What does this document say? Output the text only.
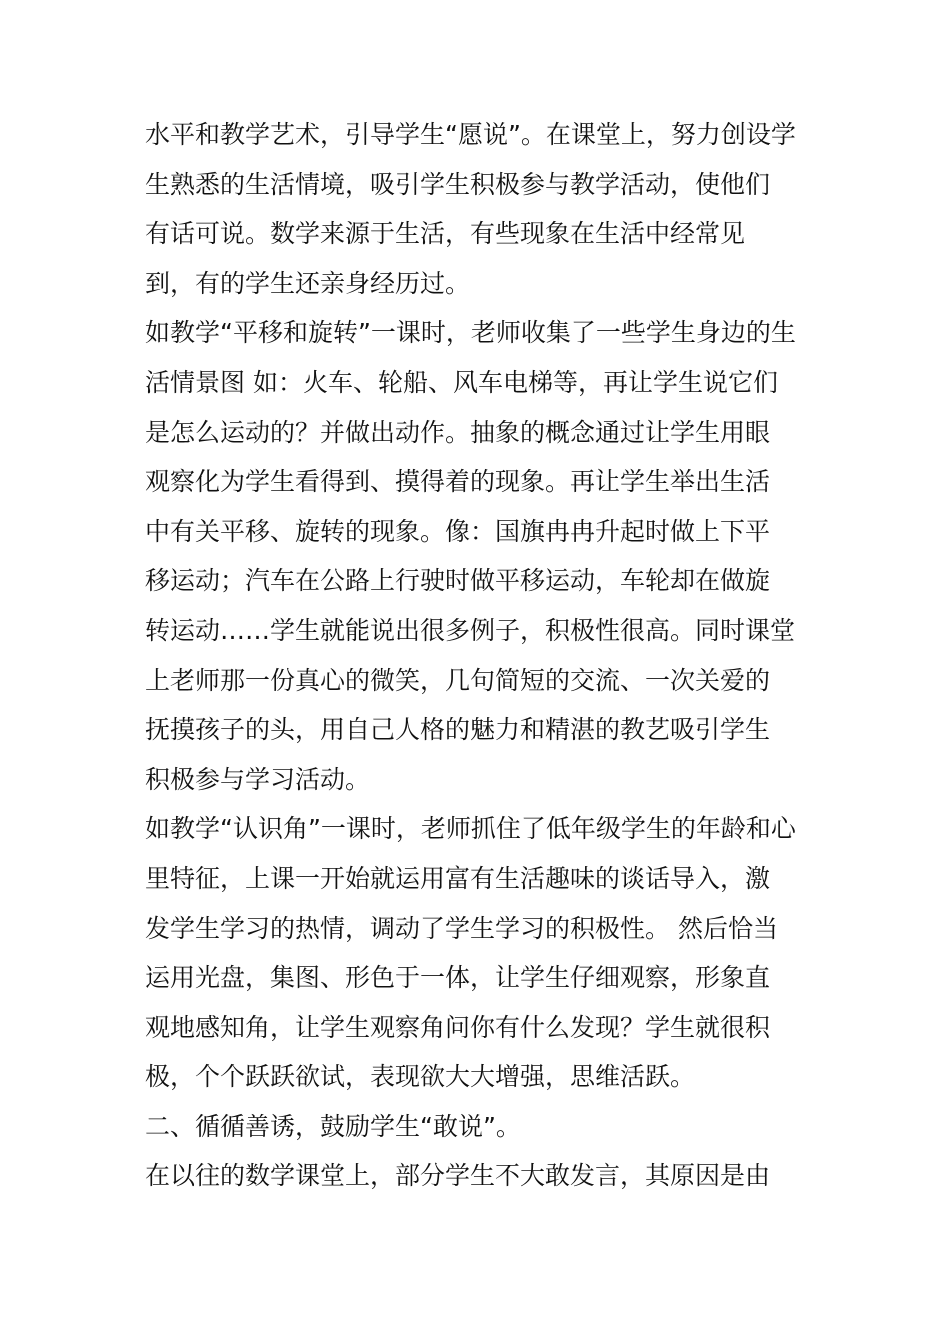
水平和教学艺术，引导学生“愿说”。在课堂上，努力创设学
生熟悉的生活情境，吸引学生积极参与教学活动，使他们
有话可说。数学来源于生活，有些现象在生活中经常见
到，有的学生还亲身经历过。
如教学“平移和旋转”一课时，老师收集了一些学生身边的生
活情景图 如：火车、轮船、风车电梯等，再让学生说它们
是怎么运动的？并做出动作。抽象的概念通过让学生用眼
观察化为学生看得到、摸得着的现象。再让学生举出生活
中有关平移、旋转的现象。像：国旗冉冉升起时做上下平
移运动；汽车在公路上行驶时做平移运动，车轮却在做旋
转运动……学生就能说出很多例子，积极性很高。同时课堂
上老师那一份真心的微笑，几句简短的交流、一次关爱的
抚摸孩子的头，用自己人格的魅力和精湛的教艺吸引学生
积极参与学习活动。
如教学“认识角”一课时，老师抓住了低年级学生的年龄和心
里特征，上课一开始就运用富有生活趣味的谈话导入，激
发学生学习的热情，调动了学生学习的积极性。 然后恰当
运用光盘，集图、形色于一体，让学生仔细观察，形象直
观地感知角，让学生观察角问你有什么发现？学生就很积
极，个个跃跃欲试，表现欲大大增强，思维活跃。
二、循循善诱，鼓励学生“敢说”。
在以往的数学课堂上，部分学生不大敢发言，其原因是由
